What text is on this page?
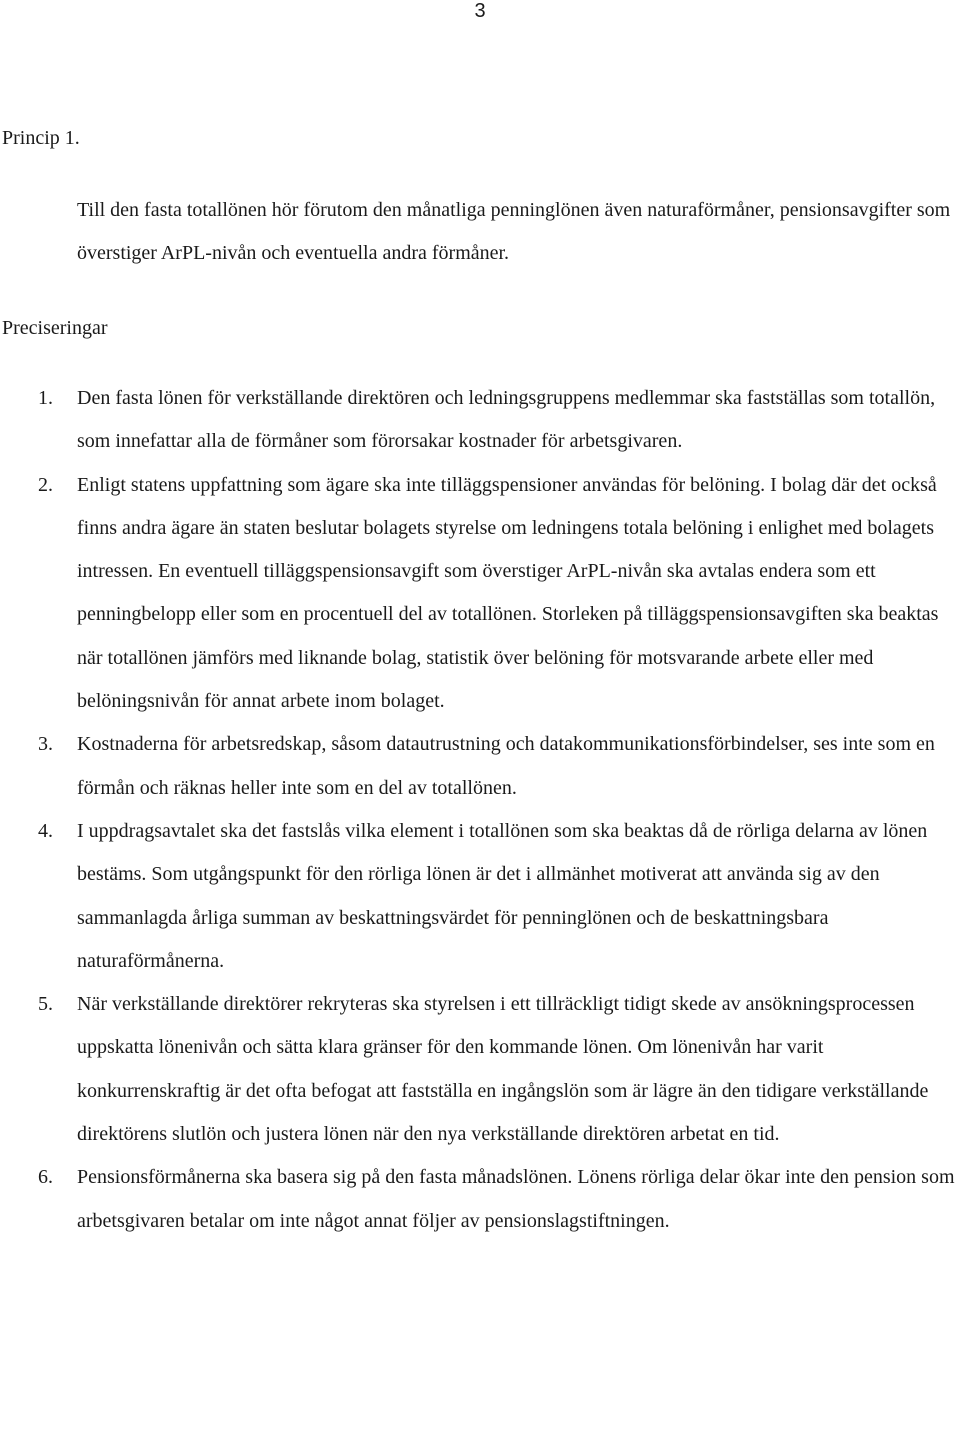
3
Princip 1.

Till den fasta totallönen hör förutom den månatliga penninglönen även naturaförmåner, pensionsavgifter som överstiger ArPL-nivån och eventuella andra förmåner.

Preciseringar
1. Den fasta lönen för verkställande direktören och ledningsgruppens medlemmar ska fastställas som totallön, som innefattar alla de förmåner som förorsakar kostnader för arbetsgivaren.
2. Enligt statens uppfattning som ägare ska inte tilläggspensioner användas för belöning. I bolag där det också finns andra ägare än staten beslutar bolagets styrelse om ledningens totala belöning i enlighet med bolagets intressen. En eventuell tilläggspensionsavgift som överstiger ArPL-nivån ska avtalas endera som ett penningbelopp eller som en procentuell del av totallönen. Storleken på tilläggspensionsavgiften ska beaktas när totallönen jämförs med liknande bolag, statistik över belöning för motsvarande arbete eller med belöningsnivån för annat arbete inom bolaget.
3. Kostnaderna för arbetsredskap, såsom datautrustning och datakommunikationsförbindelser, ses inte som en förmån och räknas heller inte som en del av totallönen.
4. I uppdragsavtalet ska det fastslås vilka element i totallönen som ska beaktas då de rörliga delarna av lönen bestäms. Som utgångspunkt för den rörliga lönen är det i allmänhet motiverat att använda sig av den sammanlagda årliga summan av beskattningsvärdet för penninglönen och de beskattningsbara naturaförmånerna.
5. När verkställande direktörer rekryteras ska styrelsen i ett tillräckligt tidigt skede av ansökningsprocessen uppskatta lönenivån och sätta klara gränser för den kommande lönen. Om lönenivån har varit konkurrenskraftig är det ofta befogat att fastställa en ingångslön som är lägre än den tidigare verkställande direktörens slutlön och justera lönen när den nya verkställande direktören arbetat en tid.
6. Pensionsförmånerna ska basera sig på den fasta månadslönen. Lönens rörliga delar ökar inte den pension som arbetsgivaren betalar om inte något annat följer av pensionslagstiftningen.
